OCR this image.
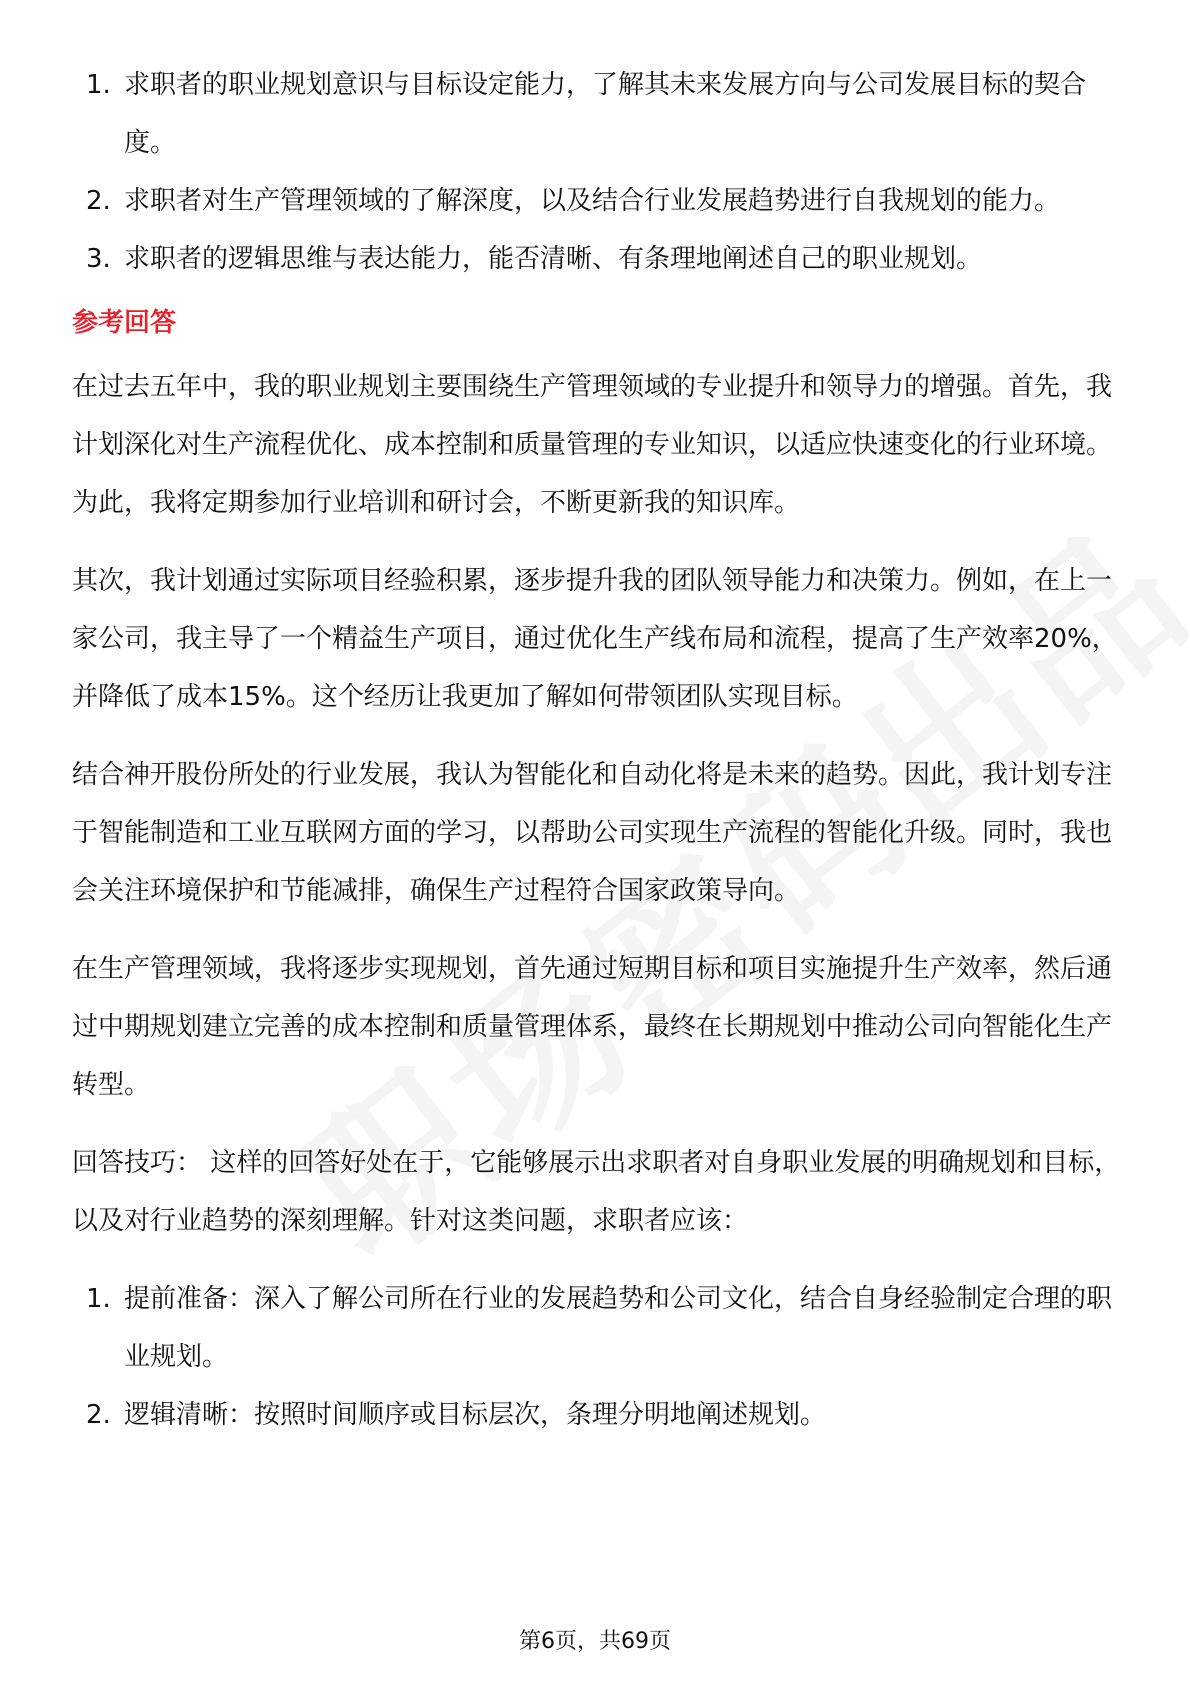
1. 求职者的职业规划意识与目标设定能力，了解其未来发展方向与公司发展目标的契合度。
2. 求职者对生产管理领域的了解深度，以及结合行业发展趋势进行自我规划的能力。
3. 求职者的逻辑思维与表达能力，能否清晰、有条理地阐述自己的职业规划。
参考回答

在过去五年中，我的职业规划主要围绕生产管理领域的专业提升和领导力的增强。首先，我计划深化对生产流程优化、成本控制和质量管理的专业知识，以适应快速变化的行业环境。为此，我将定期参加行业培训和研讨会，不断更新我的知识库。

其次，我计划通过实际项目经验积累，逐步提升我的团队领导能力和决策力。例如，在上一家公司，我主导了一个精益生产项目，通过优化生产线布局和流程，提高了生产效率20%，并降低了成本15%。这个经历让我更加了解如何带领团队实现目标。

结合神开股份所处的行业发展，我认为智能化和自动化将是未来的趋势。因此，我计划专注于智能制造和工业互联网方面的学习，以帮助公司实现生产流程的智能化升级。同时，我也会关注环境保护和节能减排，确保生产过程符合国家政策导向。

在生产管理领域，我将逐步实现规划，首先通过短期目标和项目实施提升生产效率，然后通过中期规划建立完善的成本控制和质量管理体系，最终在长期规划中推动公司向智能化生产转型。

回答技巧： 这样的回答好处在于，它能够展示出求职者对自身职业发展的明确规划和目标，以及对行业趋势的深刻理解。针对这类问题，求职者应该：

1. 提前准备：深入了解公司所在行业的发展趋势和公司文化，结合自身经验制定合理的职业规划。
2. 逻辑清晰：按照时间顺序或目标层次，条理分明地阐述规划。
第6页，共69页
